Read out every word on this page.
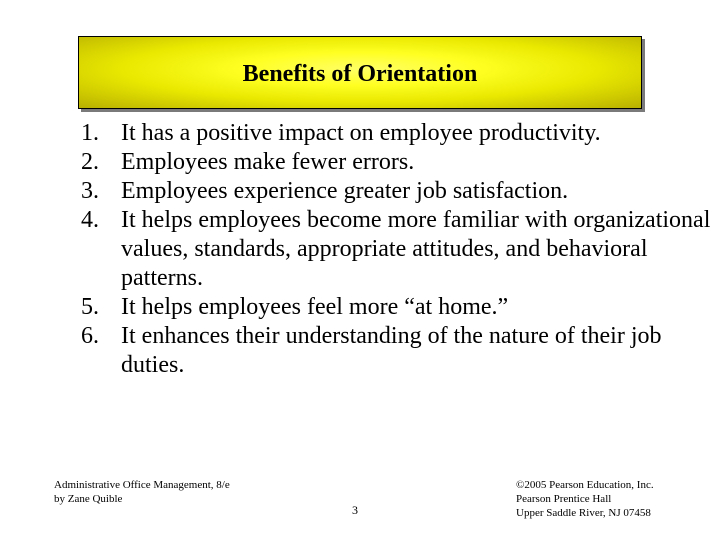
Benefits of Orientation
1. It has a positive impact on employee productivity.
2. Employees make fewer errors.
3. Employees experience greater job satisfaction.
4. It helps employees become more familiar with organizational values, standards, appropriate attitudes, and behavioral patterns.
5. It helps employees feel more “at home.”
6. It enhances their understanding of the nature of their job duties.
Administrative Office Management, 8/e
by Zane Quible
3
©2005 Pearson Education, Inc.
Pearson Prentice Hall
Upper Saddle River, NJ 07458
